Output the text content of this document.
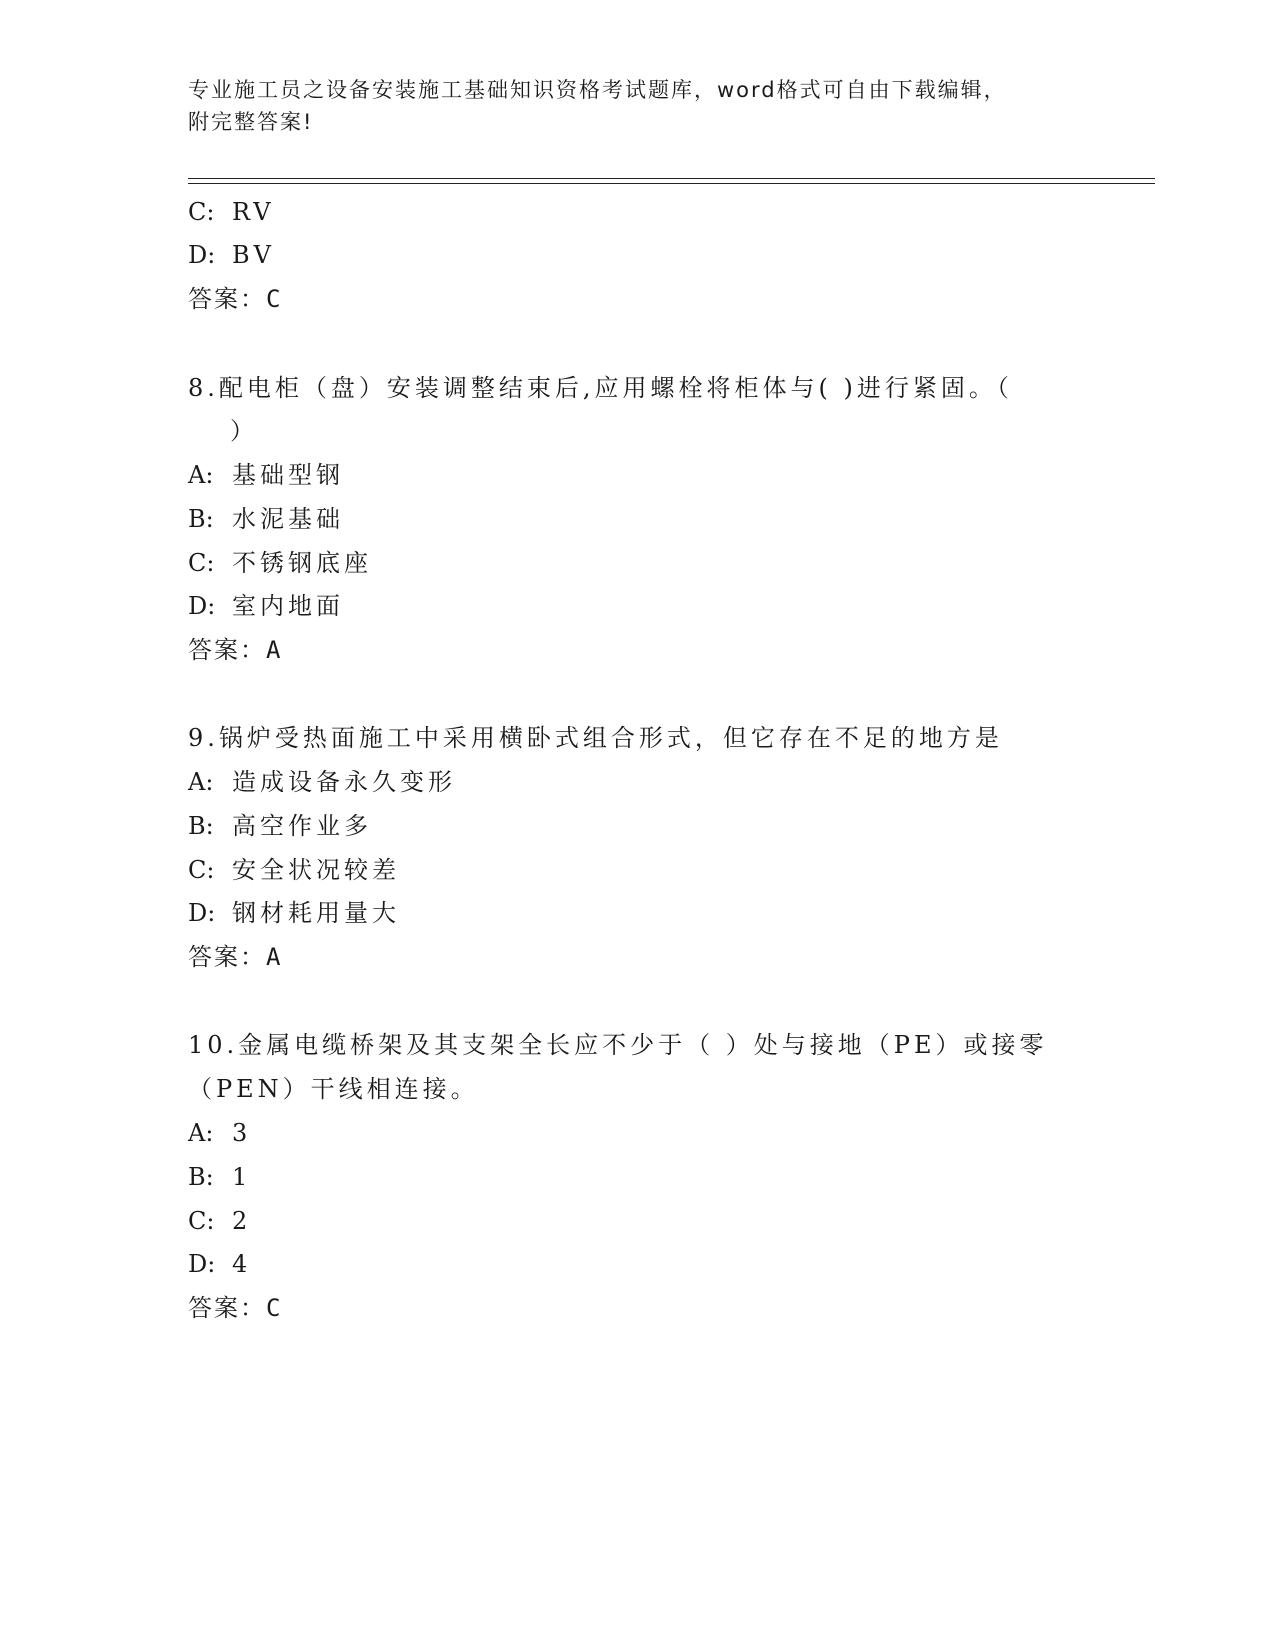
专业施工员之设备安装施工基础知识资格考试题库，word格式可自由下载编辑，
附完整答案!
C: RV
D: BV
答案：C
8.配电柜（盘）安装调整结束后,应用螺栓将柜体与( )进行紧固。（
）
A: 基础型钢
B: 水泥基础
C: 不锈钢底座
D: 室内地面
答案：A
9.锅炉受热面施工中采用横卧式组合形式，但它存在不足的地方是
A: 造成设备永久变形
B: 高空作业多
C: 安全状况较差
D: 钢材耗用量大
答案：A
10.金属电缆桥架及其支架全长应不少于（ ）处与接地（PE）或接零
（PEN）干线相连接。
A: 3
B: 1
C: 2
D: 4
答案：C
